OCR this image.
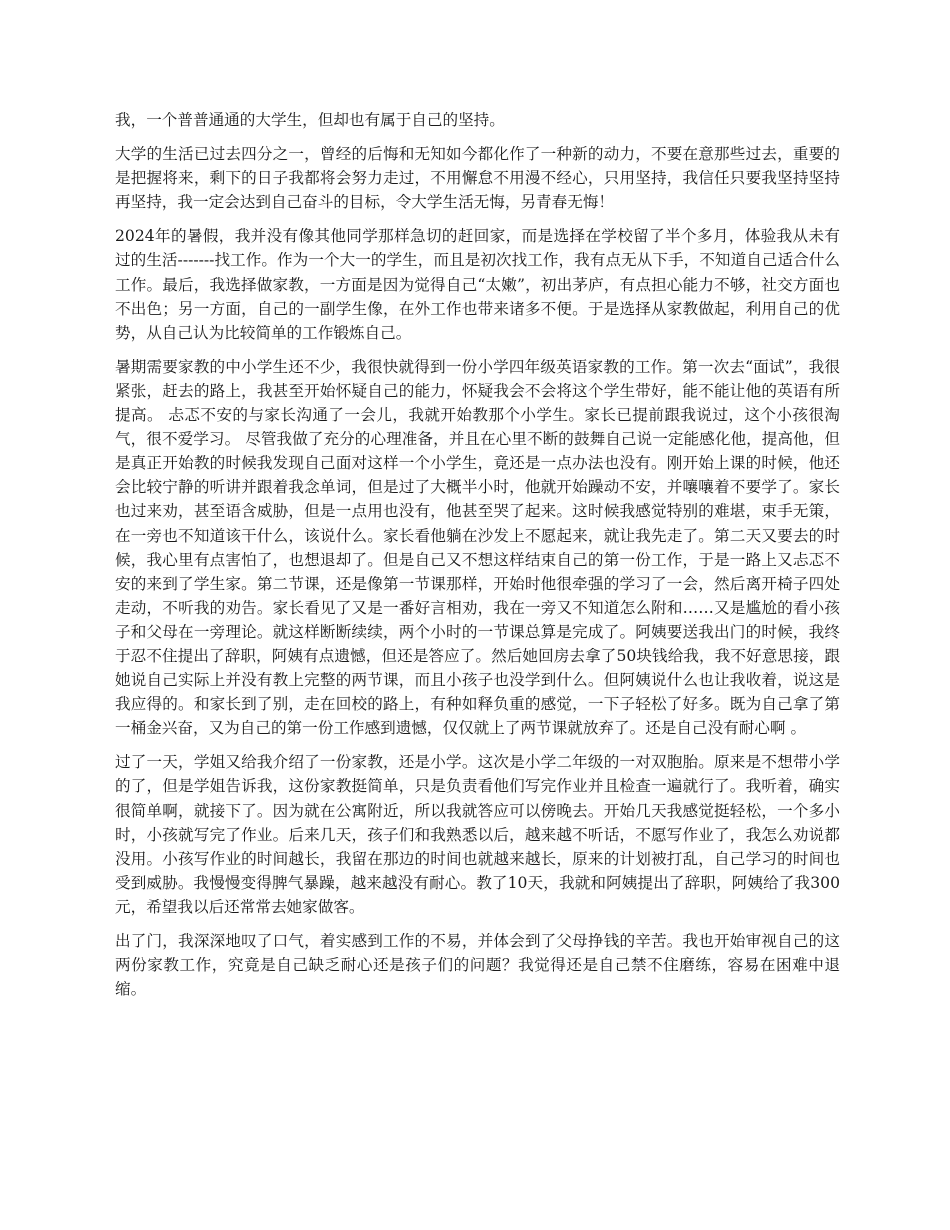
我，一个普普通通的大学生，但却也有属于自己的坚持。

大学的生活已过去四分之一，曾经的后悔和无知如今都化作了一种新的动力，不要在意那些过去，重要的是把握将来，剩下的日子我都将会努力走过，不用懈怠不用漫不经心，只用坚持，我信任只要我坚持坚持再坚持，我一定会达到自己奋斗的目标，令大学生活无悔，另青春无悔！

2024年的暑假，我并没有像其他同学那样急切的赶回家，而是选择在学校留了半个多月，体验我从未有过的生活-------找工作。作为一个大一的学生，而且是初次找工作，我有点无从下手，不知道自己适合什么工作。最后，我选择做家教，一方面是因为觉得自己“太嫩”，初出茅庐，有点担心能力不够，社交方面也不出色；另一方面，自己的一副学生像，在外工作也带来诸多不便。于是选择从家教做起，利用自己的优势，从自己认为比较简单的工作锻炼自己。

暑期需要家教的中小学生还不少，我很快就得到一份小学四年级英语家教的工作。第一次去“面试”，我很紧张，赶去的路上，我甚至开始怀疑自己的能力，怀疑我会不会将这个学生带好，能不能让他的英语有所提高。 忐忑不安的与家长沟通了一会儿，我就开始教那个小学生。家长已提前跟我说过，这个小孩很淘气，很不爱学习。 尽管我做了充分的心理准备，并且在心里不断的鼓舞自己说一定能感化他，提高他，但是真正开始教的时候我发现自己面对这样一个小学生，竟还是一点办法也没有。刚开始上课的时候，他还会比较宁静的听讲并跟着我念单词，但是过了大概半小时，他就开始躁动不安，并嚷嚷着不要学了。家长也过来劝，甚至语含威胁，但是一点用也没有，他甚至哭了起来。这时候我感觉特别的难堪，束手无策，在一旁也不知道该干什么，该说什么。家长看他躺在沙发上不愿起来，就让我先走了。第二天又要去的时候，我心里有点害怕了，也想退却了。但是自己又不想这样结束自己的第一份工作，于是一路上又忐忑不安的来到了学生家。第二节课，还是像第一节课那样，开始时他很牵强的学习了一会，然后离开椅子四处走动，不听我的劝告。家长看见了又是一番好言相劝，我在一旁又不知道怎么附和……又是尴尬的看小孩子和父母在一旁理论。就这样断断续续，两个小时的一节课总算是完成了。阿姨要送我出门的时候，我终于忍不住提出了辞职，阿姨有点遗憾，但还是答应了。然后她回房去拿了50块钱给我，我不好意思接，跟她说自己实际上并没有教上完整的两节课，而且小孩子也没学到什么。但阿姨说什么也让我收着，说这是我应得的。和家长到了别，走在回校的路上，有种如释负重的感觉，一下子轻松了好多。既为自己拿了第一桶金兴奋，又为自己的第一份工作感到遗憾，仅仅就上了两节课就放弃了。还是自己没有耐心啊 。

过了一天，学姐又给我介绍了一份家教，还是小学。这次是小学二年级的一对双胞胎。原来是不想带小学的了，但是学姐告诉我，这份家教挺简单，只是负责看他们写完作业并且检查一遍就行了。我听着，确实很简单啊，就接下了。因为就在公寓附近，所以我就答应可以傍晚去。开始几天我感觉挺轻松，一个多小时，小孩就写完了作业。后来几天，孩子们和我熟悉以后，越来越不听话，不愿写作业了，我怎么劝说都没用。小孩写作业的时间越长，我留在那边的时间也就越来越长，原来的计划被打乱，自己学习的时间也受到威胁。我慢慢变得脾气暴躁，越来越没有耐心。教了10天，我就和阿姨提出了辞职，阿姨给了我300元，希望我以后还常常去她家做客。

出了门，我深深地叹了口气，着实感到工作的不易，并体会到了父母挣钱的辛苦。我也开始审视自己的这两份家教工作，究竟是自己缺乏耐心还是孩子们的问题？我觉得还是自己禁不住磨练，容易在困难中退缩。
